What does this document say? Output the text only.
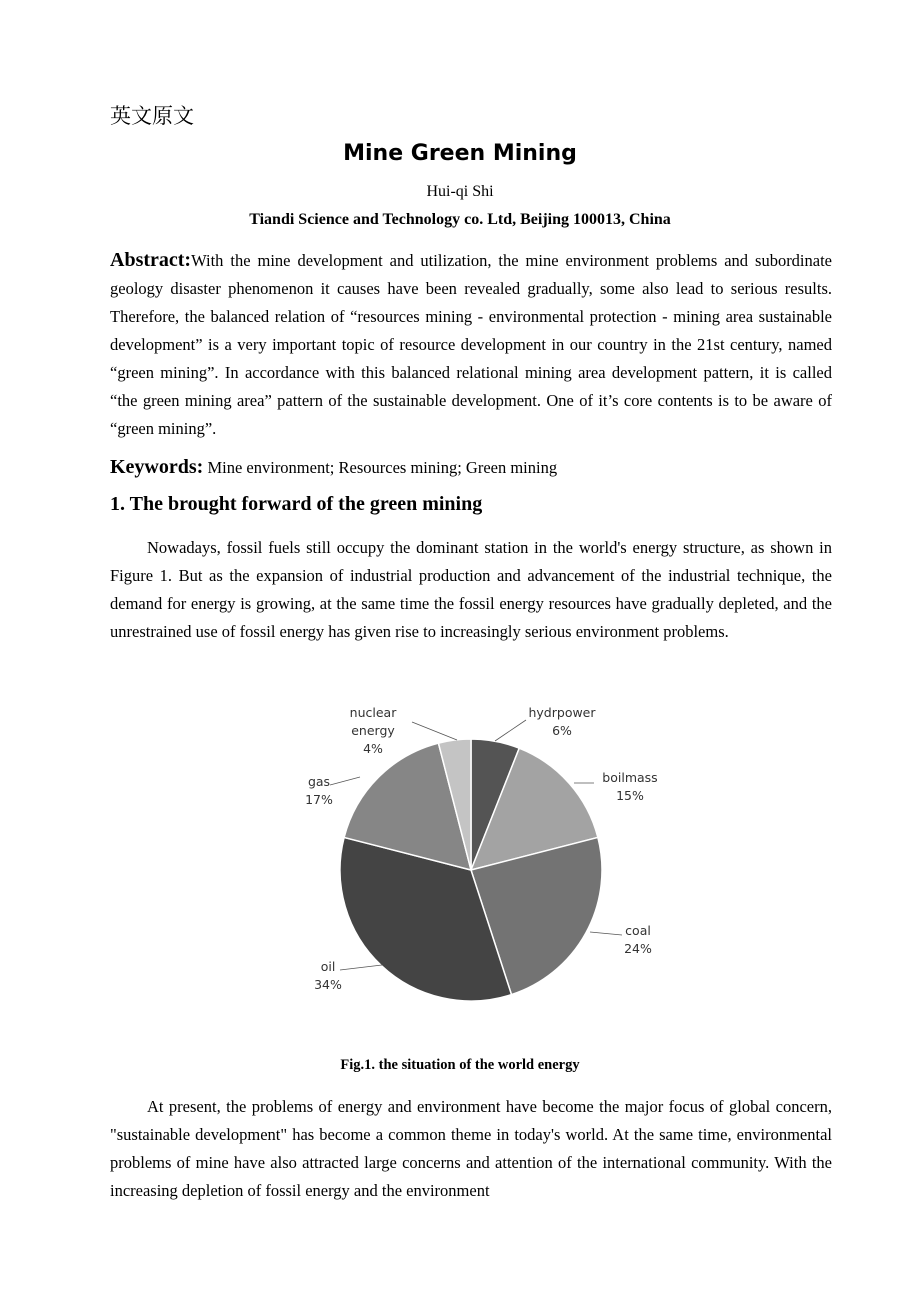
英文原文
Mine Green Mining
Hui-qi Shi
Tiandi Science and Technology co. Ltd, Beijing 100013, China
Abstract:With the mine development and utilization, the mine environment problems and subordinate geology disaster phenomenon it causes have been revealed gradually, some also lead to serious results. Therefore, the balanced relation of “resources mining - environmental protection - mining area sustainable development” is a very important topic of resource development in our country in the 21st century, named “green mining”. In accordance with this balanced relational mining area development pattern, it is called “the green mining area” pattern of the sustainable development. One of it’s core contents is to be aware of “green mining”.
Keywords: Mine environment; Resources mining; Green mining
1. The brought forward of the green mining
Nowadays, fossil fuels still occupy the dominant station in the world's energy structure, as shown in Figure 1. But as the expansion of industrial production and advancement of the industrial technique, the demand for energy is growing, at the same time the fossil energy resources have gradually depleted, and the unrestrained use of fossil energy has given rise to increasingly serious environment problems.
hydrpower 6%
boilmass 15%
coal 24%
oil 34%
gas 17%
nuclear energy 4%
Fig.1. the situation of the world energy
At present, the problems of energy and environment have become the major focus of global concern, "sustainable development" has become a common theme in today's world. At the same time, environmental problems of mine have also attracted large concerns and attention of the international community. With the increasing depletion of fossil energy and the environment
